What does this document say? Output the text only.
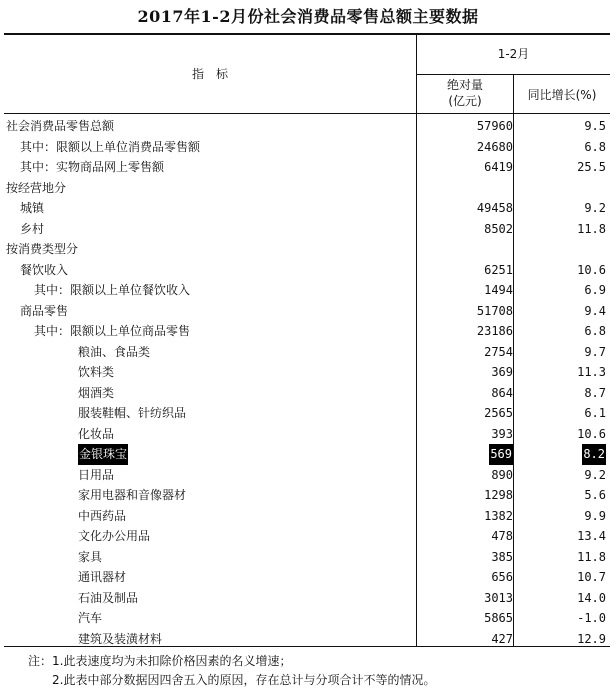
2017年1-2月份社会消费品零售总额主要数据
指　标
1-2月
绝对量
(亿元)	同比增长(%)
社会消费品零售总额	57960	9.5
其中：限额以上单位消费品零售额	24680	6.8
其中：实物商品网上零售额	6419	25.5
按经营地分
城镇	49458	9.2
乡村	8502	11.8
按消费类型分
餐饮收入	6251	10.6
其中：限额以上单位餐饮收入	1494	6.9
商品零售	51708	9.4
其中：限额以上单位商品零售	23186	6.8
粮油、食品类	2754	9.7
饮料类	369	11.3
烟酒类	864	8.7
服装鞋帽、针纺织品	2565	6.1
化妆品	393	10.6
金银珠宝	569	8.2
日用品	890	9.2
家用电器和音像器材	1298	5.6
中西药品	1382	9.9
文化办公用品	478	13.4
家具	385	11.8
通讯器材	656	10.7
石油及制品	3013	14.0
汽车	5865	-1.0
建筑及装潢材料	427	12.9
注：1.此表速度均为未扣除价格因素的名义增速；
　　2.此表中部分数据因四舍五入的原因，存在总计与分项合计不等的情况。
